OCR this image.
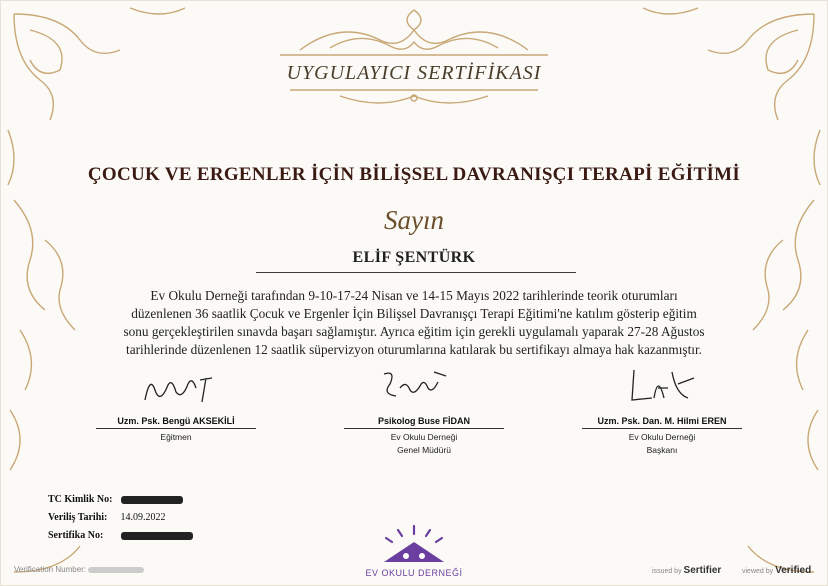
UYGULAYICI SERTİFİKASI
ÇOCUK VE ERGENLER İÇİN BİLİŞSEL DAVRANIŞÇI TERAPİ EĞİTİMİ
Sayın
ELİF ŞENTÜRK
Ev Okulu Derneği tarafından 9-10-17-24 Nisan ve 14-15 Mayıs 2022 tarihlerinde teorik oturumları
düzenlenen 36 saatlik Çocuk ve Ergenler İçin Bilişsel Davranışçı Terapi Eğitimi'ne katılım gösterip eğitim
sonu gerçekleştirilen sınavda başarı sağlamıştır. Ayrıca eğitim için gerekli uygulamalı yaparak 27-28 Ağustos
tarihlerinde düzenlenen 12 saatlik süpervizyon oturumlarına katılarak bu sertifikayı almaya hak kazanmıştır.
Uzm. Psk. Bengü AKSEKİLİ
Eğitmen
Psikolog Buse FİDAN
Ev Okulu Derneği
Genel Müdürü
Uzm. Psk. Dan. M. Hilmi EREN
Ev Okulu Derneği
Başkanı
TC Kimlik No:
Veriliş Tarihi: 14.09.2022
Sertifika No:
EV OKULU DERNEĞİ
Verification Number:	issued by Sertifier	viewed by Verified
